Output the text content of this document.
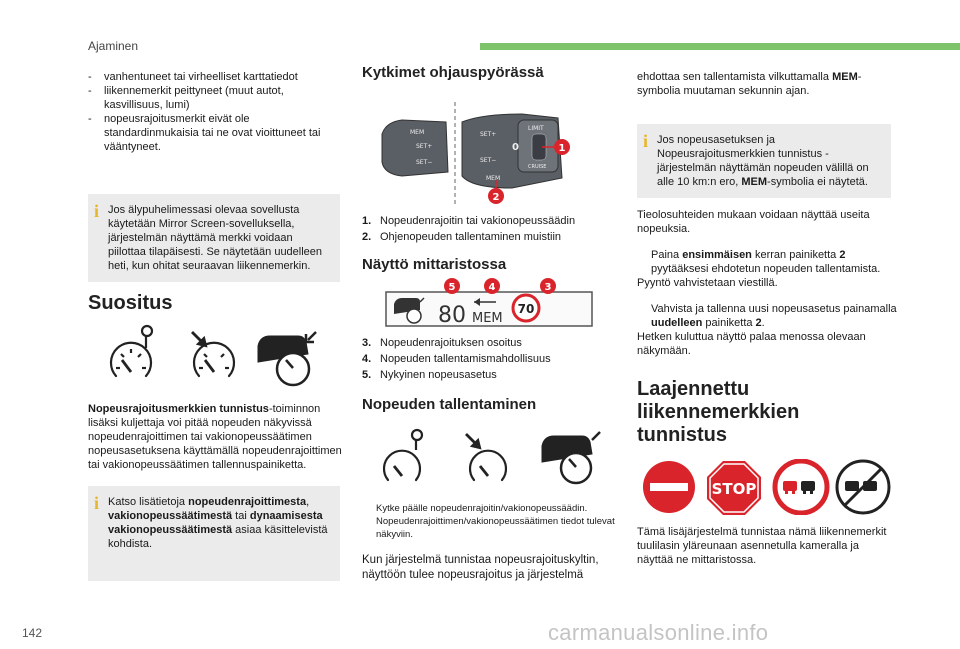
Ajaminen
-	vanhentuneet tai virheelliset karttatiedot
-	liikennemerkit peittyneet (muut autot, kasvillisuus, lumi)
-	nopeusrajoitusmerkit eivät ole standardinmukaisia tai ne ovat vioittuneet tai vääntyneet.
i Jos älypuhelimessasi olevaa sovellusta käytetään Mirror Screen-sovelluksella, järjestelmän näyttämä merkki voidaan piilottaa tilapäisesti. Se näytetään uudelleen heti, kun ohitat seuraavan liikennemerkin.
Suositus
Nopeusrajoitusmerkkien tunnistus-toiminnon lisäksi kuljettaja voi pitää nopeuden näkyvissä nopeudenrajoittimen tai vakionopeussäätimen nopeusasetuksena käyttämällä nopeudenrajoittimen tai vakionopeussäätimen tallennuspainiketta.
i Katso lisätietoja nopeudenrajoittimesta, vakionopeussäätimestä tai dynaamisesta vakionopeussäätimestä asiaa käsittelevistä kohdista.
Kytkimet ohjauspyörässä
MEM
SET+
SET−
LIMIT
0
CRUISE
MEM
SET+
SET−
1
2
1. Nopeudenrajoitin tai vakionopeussäädin
2. Ohjenopeuden tallentaminen muistiin
Näyttö mittaristossa
80 MEM
70
5	4	3
3. Nopeudenrajoituksen osoitus
4. Nopeuden tallentamismahdollisuus
5. Nykyinen nopeusasetus
Nopeuden tallentaminen
Kytke päälle nopeudenrajoitin/vakionopeussäädin. Nopeudenrajoittimen/vakionopeussäätimen tiedot tulevat näkyviin.
Kun järjestelmä tunnistaa nopeusrajoituskyltin, näyttöön tulee nopeusrajoitus ja järjestelmä
ehdottaa sen tallentamista vilkuttamalla MEM-symbolia muutaman sekunnin ajan.
i Jos nopeusasetuksen ja Nopeusrajoitusmerkkien tunnistus -järjestelmän näyttämän nopeuden välillä on alle 10 km:n ero, MEM-symbolia ei näytetä.
Tieolosuhteiden mukaan voidaan näyttää useita nopeuksia.
Paina ensimmäisen kerran painiketta 2 pyytääksesi ehdotetun nopeuden tallentamista.
Pyyntö vahvistetaan viestillä.
Vahvista ja tallenna uusi nopeusasetus painamalla uudelleen painiketta 2.
Hetken kuluttua näyttö palaa menossa olevaan näkymään.
Laajennettu liikennemerkkien tunnistus
STOP
Tämä lisäjärjestelmä tunnistaa nämä liikennemerkit tuulilasin yläreunaan asennetulla kameralla ja näyttää ne mittaristossa.
142	carmanualsonline.info
